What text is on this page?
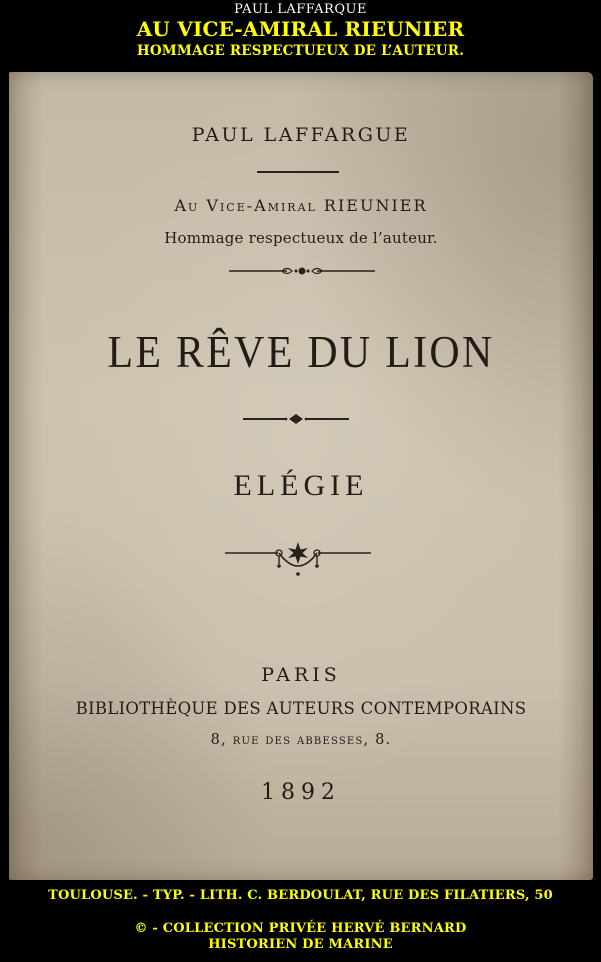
PAUL LAFFARQUE

AU VICE-AMIRAL RIEUNIER

HOMMAGE RESPECTUEUX DE L’AUTEUR.

PAUL LAFFARGUE

Au Vice-Amiral RIEUNIER

Hommage respectueux de l’auteur.

LE RÊVE DU LION

ELÉGIE

PARIS

BIBLIOTHÈQUE DES AUTEURS CONTEMPORAINS

8, rue des abbesses, 8.

1892

TOULOUSE. - TYP. - LITH. C. BERDOULAT, RUE DES FILATIERS, 50

© - COLLECTION PRIVÉE HERVÉ BERNARD

HISTORIEN DE MARINE
